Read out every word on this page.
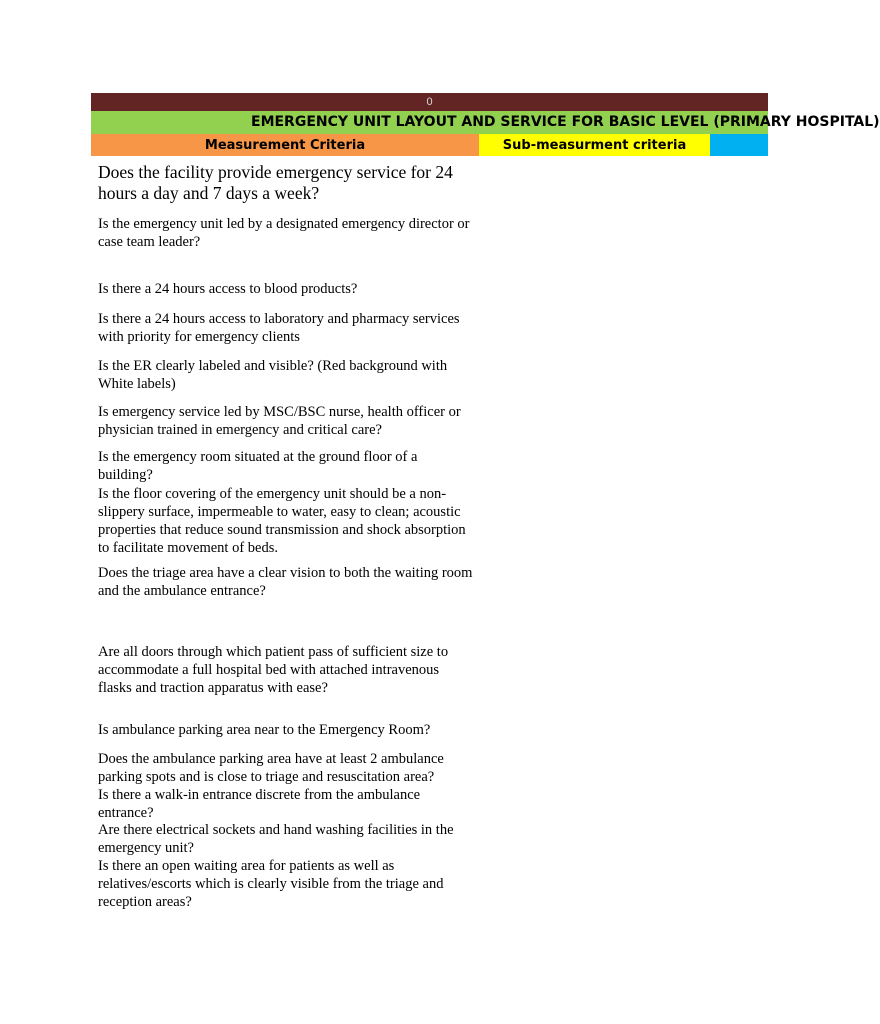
0
EMERGENCY UNIT LAYOUT AND SERVICE FOR BASIC LEVEL (PRIMARY HOSPITAL)
Measurement Criteria	Sub-measurment criteria
Does the facility provide emergency service for 24 hours a day and 7 days a week?
Is the emergency unit led by a designated emergency director or case team leader?
Is there a 24 hours access to blood products?
Is there a 24 hours access to laboratory and pharmacy services with priority for emergency clients
Is the ER clearly labeled and visible? (Red background with White labels)
Is emergency service led by MSC/BSC nurse, health officer or physician trained in emergency and critical care?
Is the emergency room situated at the ground floor of a building?
Is the floor covering of the emergency unit should be a non-slippery surface, impermeable to water, easy to clean; acoustic properties that reduce sound transmission and shock absorption to facilitate movement of beds.
Does the triage area have a clear vision to both the waiting room and the ambulance entrance?
Are all doors through which patient pass of sufficient size to accommodate a full hospital bed with attached intravenous flasks and traction apparatus with ease?
Is ambulance parking area near to the Emergency Room?
Does the ambulance parking area have at least 2 ambulance parking spots and is close to triage and resuscitation area?
Is there a walk-in entrance discrete from the ambulance entrance?
Are there electrical sockets and hand washing facilities in the emergency unit?
Is there an open waiting area for patients as well as relatives/escorts which is clearly visible from the triage and reception areas?
